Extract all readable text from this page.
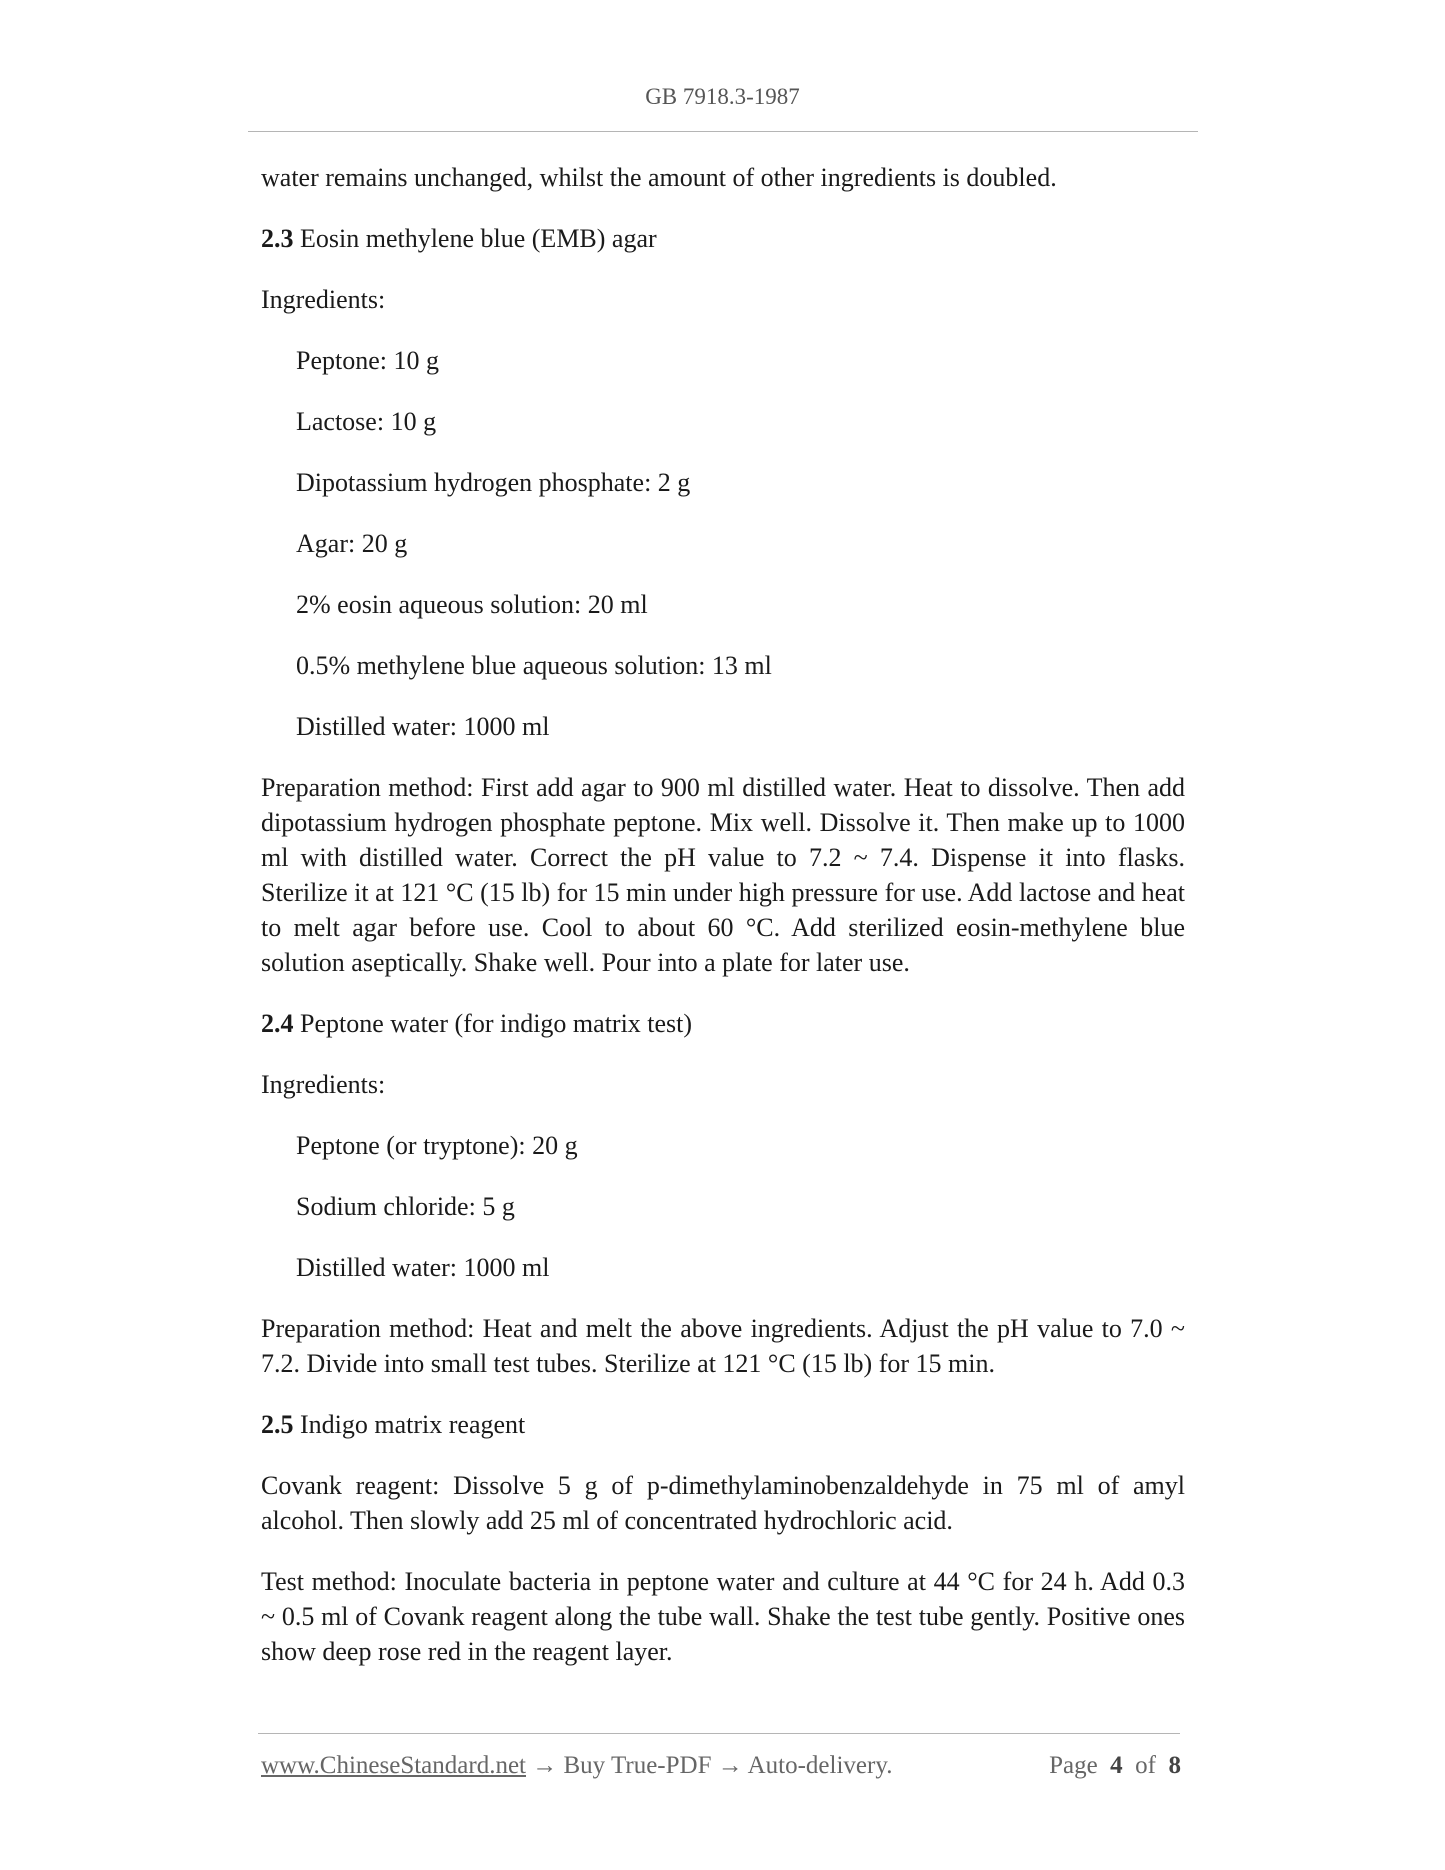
GB 7918.3-1987

water remains unchanged, whilst the amount of other ingredients is doubled.

2.3 Eosin methylene blue (EMB) agar

Ingredients:

Peptone: 10 g

Lactose: 10 g

Dipotassium hydrogen phosphate: 2 g

Agar: 20 g

2% eosin aqueous solution: 20 ml

0.5% methylene blue aqueous solution: 13 ml

Distilled water: 1000 ml

Preparation method: First add agar to 900 ml distilled water. Heat to dissolve. Then add dipotassium hydrogen phosphate peptone. Mix well. Dissolve it. Then make up to 1000 ml with distilled water. Correct the pH value to 7.2 ~ 7.4. Dispense it into flasks. Sterilize it at 121 °C (15 lb) for 15 min under high pressure for use. Add lactose and heat to melt agar before use. Cool to about 60 °C. Add sterilized eosin-methylene blue solution aseptically. Shake well. Pour into a plate for later use.

2.4 Peptone water (for indigo matrix test)

Ingredients:

Peptone (or tryptone): 20 g

Sodium chloride: 5 g

Distilled water: 1000 ml

Preparation method: Heat and melt the above ingredients. Adjust the pH value to 7.0 ~ 7.2. Divide into small test tubes. Sterilize at 121 °C (15 lb) for 15 min.

2.5 Indigo matrix reagent

Covank reagent: Dissolve 5 g of p-dimethylaminobenzaldehyde in 75 ml of amyl alcohol. Then slowly add 25 ml of concentrated hydrochloric acid.

Test method: Inoculate bacteria in peptone water and culture at 44 °C for 24 h. Add 0.3 ~ 0.5 ml of Covank reagent along the tube wall. Shake the test tube gently. Positive ones show deep rose red in the reagent layer.

www.ChineseStandard.net → Buy True-PDF → Auto-delivery.	Page 4 of 8
